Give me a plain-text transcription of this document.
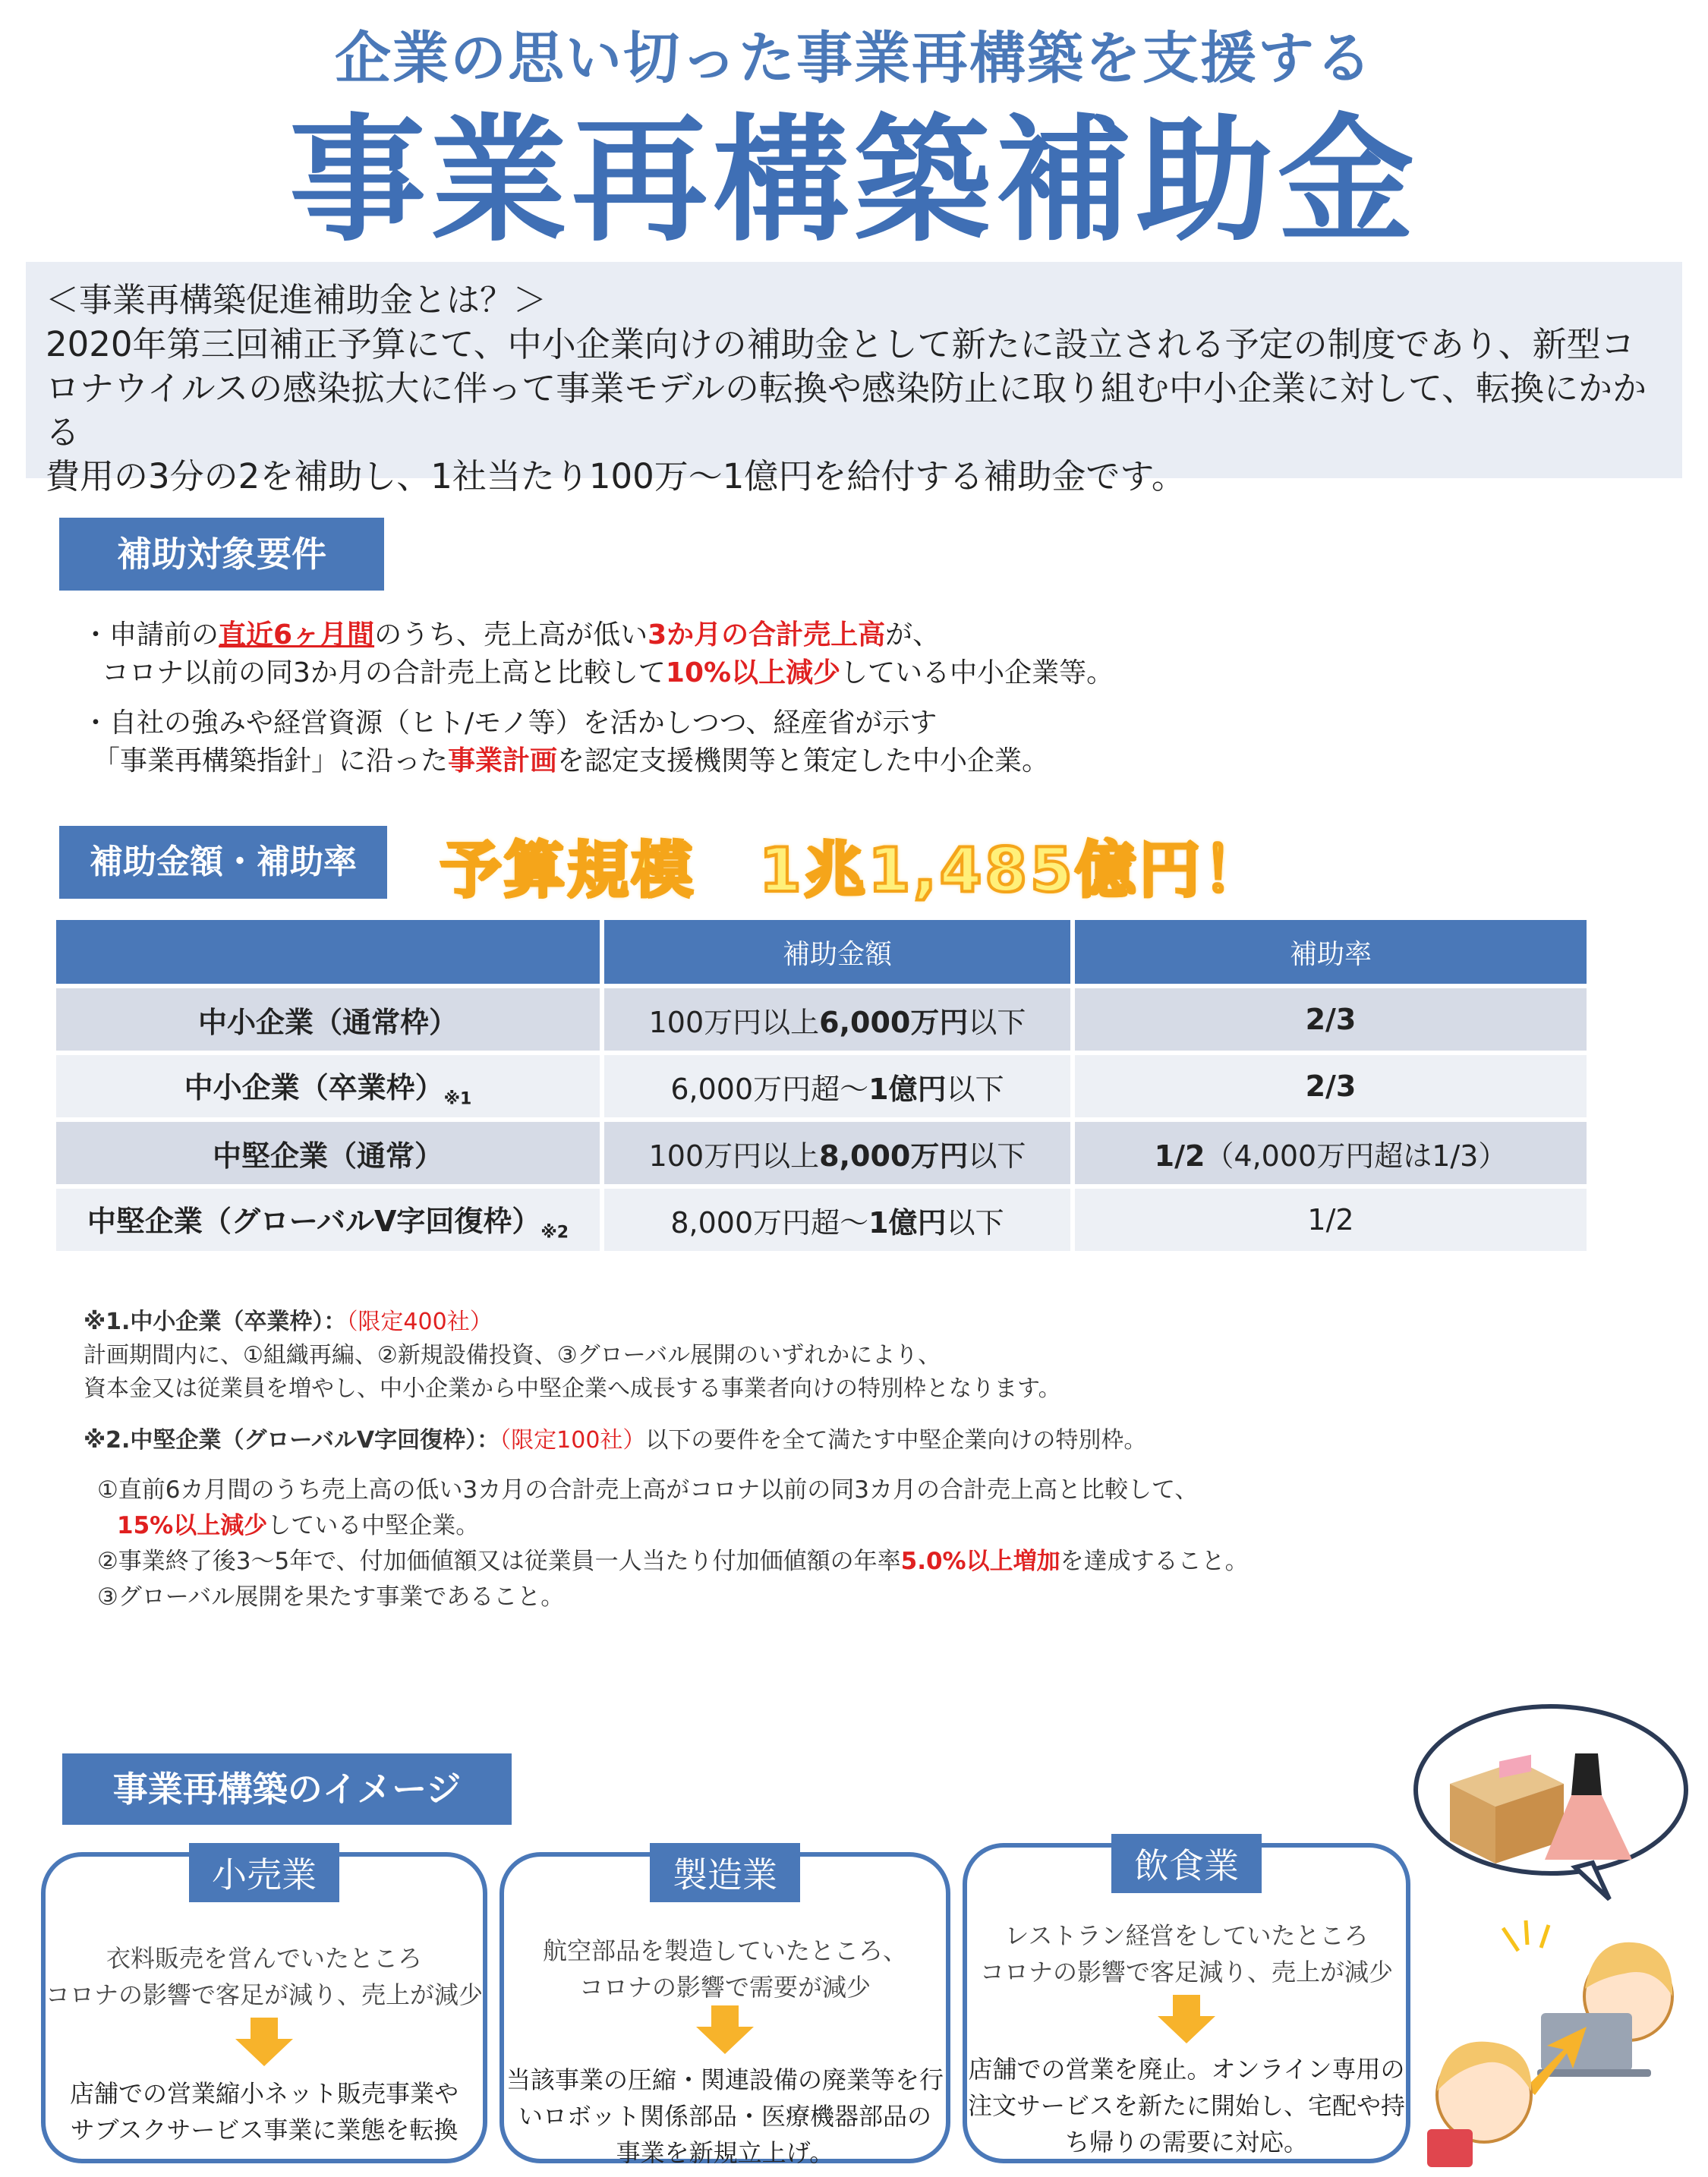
企業の思い切った事業再構築を支援する
事業再構築補助金
＜事業再構築促進補助金とは？＞
2020年第三回補正予算にて、中小企業向けの補助金として新たに設立される予定の制度であり、新型コ
ロナウイルスの感染拡大に伴って事業モデルの転換や感染防止に取り組む中小企業に対して、転換にかかる
費用の3分の2を補助し、1社当たり100万～1億円を給付する補助金です。
補助対象要件
・申請前の直近6ヶ月間のうち、売上高が低い3か月の合計売上高が、
コロナ以前の同3か月の合計売上高と比較して10%以上減少している中小企業等。
・自社の強みや経営資源（ヒト/モノ等）を活かしつつ、経産省が示す
「事業再構築指針」に沿った事業計画を認定支援機関等と策定した中小企業。
補助金額・補助率	予算規模　1兆1,485億円！
	補助金額	補助率
中小企業（通常枠）	100万円以上6,000万円以下	2/3
中小企業（卒業枠）$_{※1}$	6,000万円超～1億円以下	2/3
中堅企業（通常）	100万円以上8,000万円以下	1/2（4,000万円超は1/3）
中堅企業（グローバルV字回復枠）$_{※2}$	8,000万円超～1億円以下	1/2
※1.中小企業（卒業枠）：（限定400社）
計画期間内に、①組織再編、②新規設備投資、③グローバル展開のいずれかにより、
資本金又は従業員を増やし、中小企業から中堅企業へ成長する事業者向けの特別枠となります。
※2.中堅企業（グローバルV字回復枠）：（限定100社）以下の要件を全て満たす中堅企業向けの特別枠。
①直前6カ月間のうち売上高の低い3カ月の合計売上高がコロナ以前の同3カ月の合計売上高と比較して、
15%以上減少している中堅企業。
②事業終了後3～5年で、付加価値額又は従業員一人当たり付加価値額の年率5.0%以上増加を達成すること。
③グローバル展開を果たす事業であること。
事業再構築のイメージ
小売業
衣料販売を営んでいたところ
コロナの影響で客足が減り、売上が減少
店舗での営業縮小ネット販売事業や
サブスクサービス事業に業態を転換
製造業
航空部品を製造していたところ、
コロナの影響で需要が減少
当該事業の圧縮・関連設備の廃業等を行
いロボット関係部品・医療機器部品の
事業を新規立上げ。
飲食業
レストラン経営をしていたところ
コロナの影響で客足減り、売上が減少
店舗での営業を廃止。オンライン専用の
注文サービスを新たに開始し、宅配や持
ち帰りの需要に対応。
